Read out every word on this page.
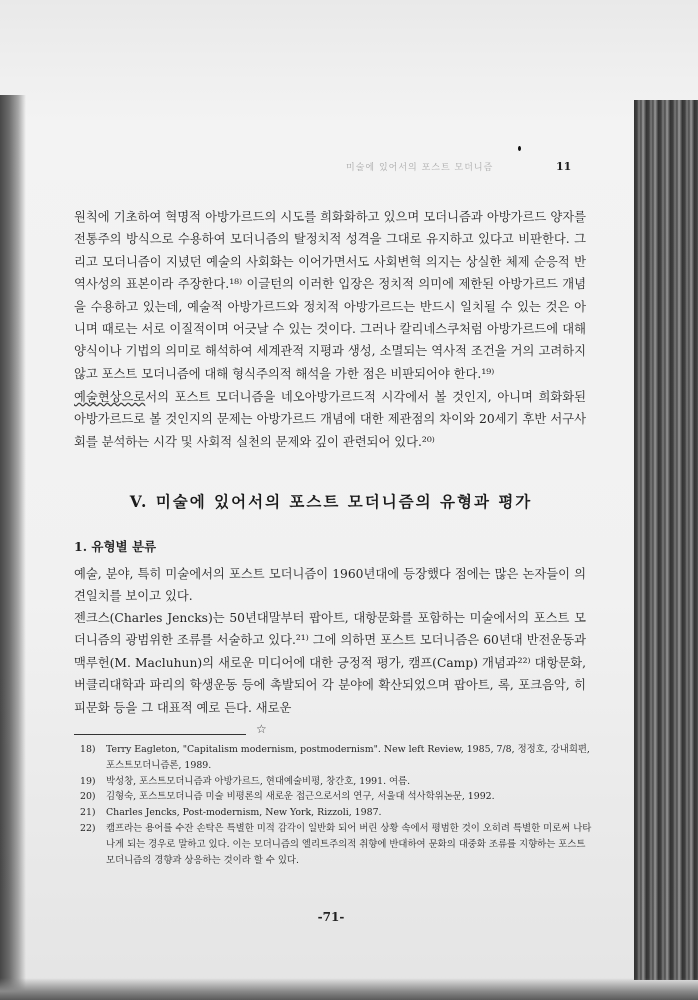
미술에 있어서의 포스트 모더니즘	11

원칙에 기초하여 혁명적 아방가르드의 시도를 희화화하고 있으며 모더니즘과 아방가르드 양자를 전통주의 방식으로 수용하여 모더니즘의 탈정치적 성격을 그대로 유지하고 있다고 비판한다. 그리고 모더니즘이 지녔던 예술의 사회화는 이어가면서도 사회변혁 의지는 상실한 체제 순응적 반역사성의 표본이라 주장한다.¹⁸⁾ 이글턴의 이러한 입장은 정치적 의미에 제한된 아방가르드 개념을 수용하고 있는데, 예술적 아방가르드와 정치적 아방가르드는 반드시 일치될 수 있는 것은 아니며 때로는 서로 이질적이며 어긋날 수 있는 것이다. 그러나 칼리네스쿠처럼 아방가르드에 대해 양식이나 기법의 의미로 해석하여 세계관적 지평과 생성, 소멸되는 역사적 조건을 거의 고려하지 않고 포스트 모더니즘에 대해 형식주의적 해석을 가한 점은 비판되어야 한다.¹⁹⁾

예술현상으로서의 포스트 모더니즘을 네오아방가르드적 시각에서 볼 것인지, 아니며 희화화된 아방가르드로 볼 것인지의 문제는 아방가르드 개념에 대한 제관점의 차이와 20세기 후반 서구사회를 분석하는 시각 및 사회적 실천의 문제와 깊이 관련되어 있다.²⁰⁾

V. 미술에 있어서의 포스트 모더니즘의 유형과 평가
1. 유형별 분류

예술, 분야, 특히 미술에서의 포스트 모더니즘이 1960년대에 등장했다 점에는 많은 논자들이 의견일치를 보이고 있다.

젠크스(Charles Jencks)는 50년대말부터 팝아트, 대항문화를 포함하는 미술에서의 포스트 모더니즘의 광범위한 조류를 서술하고 있다.²¹⁾ 그에 의하면 포스트 모더니즘은 60년대 반전운동과 맥루헌(M. Macluhun)의 새로운 미디어에 대한 긍정적 평가, 캠프(Camp) 개념과²²⁾ 대항문화, 버클리대학과 파리의 학생운동 등에 촉발되어 각 분야에 확산되었으며 팝아트, 록, 포크음악, 히피문화 등을 그 대표적 예로 든다. 새로운

☆
18)	Terry Eagleton, "Capitalism modernism, postmodernism". New left Review, 1985, 7/8, 정정호, 강내희편, 포스트모더니즘론, 1989.
19)	박성창, 포스트모더니즘과 아방가르드, 현대예술비평, 창간호, 1991. 여름.
20)	김형숙, 포스트모더니즘 미술 비평론의 새로운 접근으로서의 연구, 서울대 석사학위논문, 1992.
21)	Charles Jencks, Post-modernism, New York, Rizzoli, 1987.
22)	캠프라는 용어를 수잔 손탁은 특별한 미적 감각이 일반화 되어 버린 상황 속에서 평범한 것이 오히려 특별한 미로써 나타나게 되는 경우로 말하고 있다. 이는 모더니즘의 엘리트주의적 취향에 반대하여 문화의 대중화 조류를 지향하는 포스트 모더니즘의 경향과 상응하는 것이라 할 수 있다.
-71-
